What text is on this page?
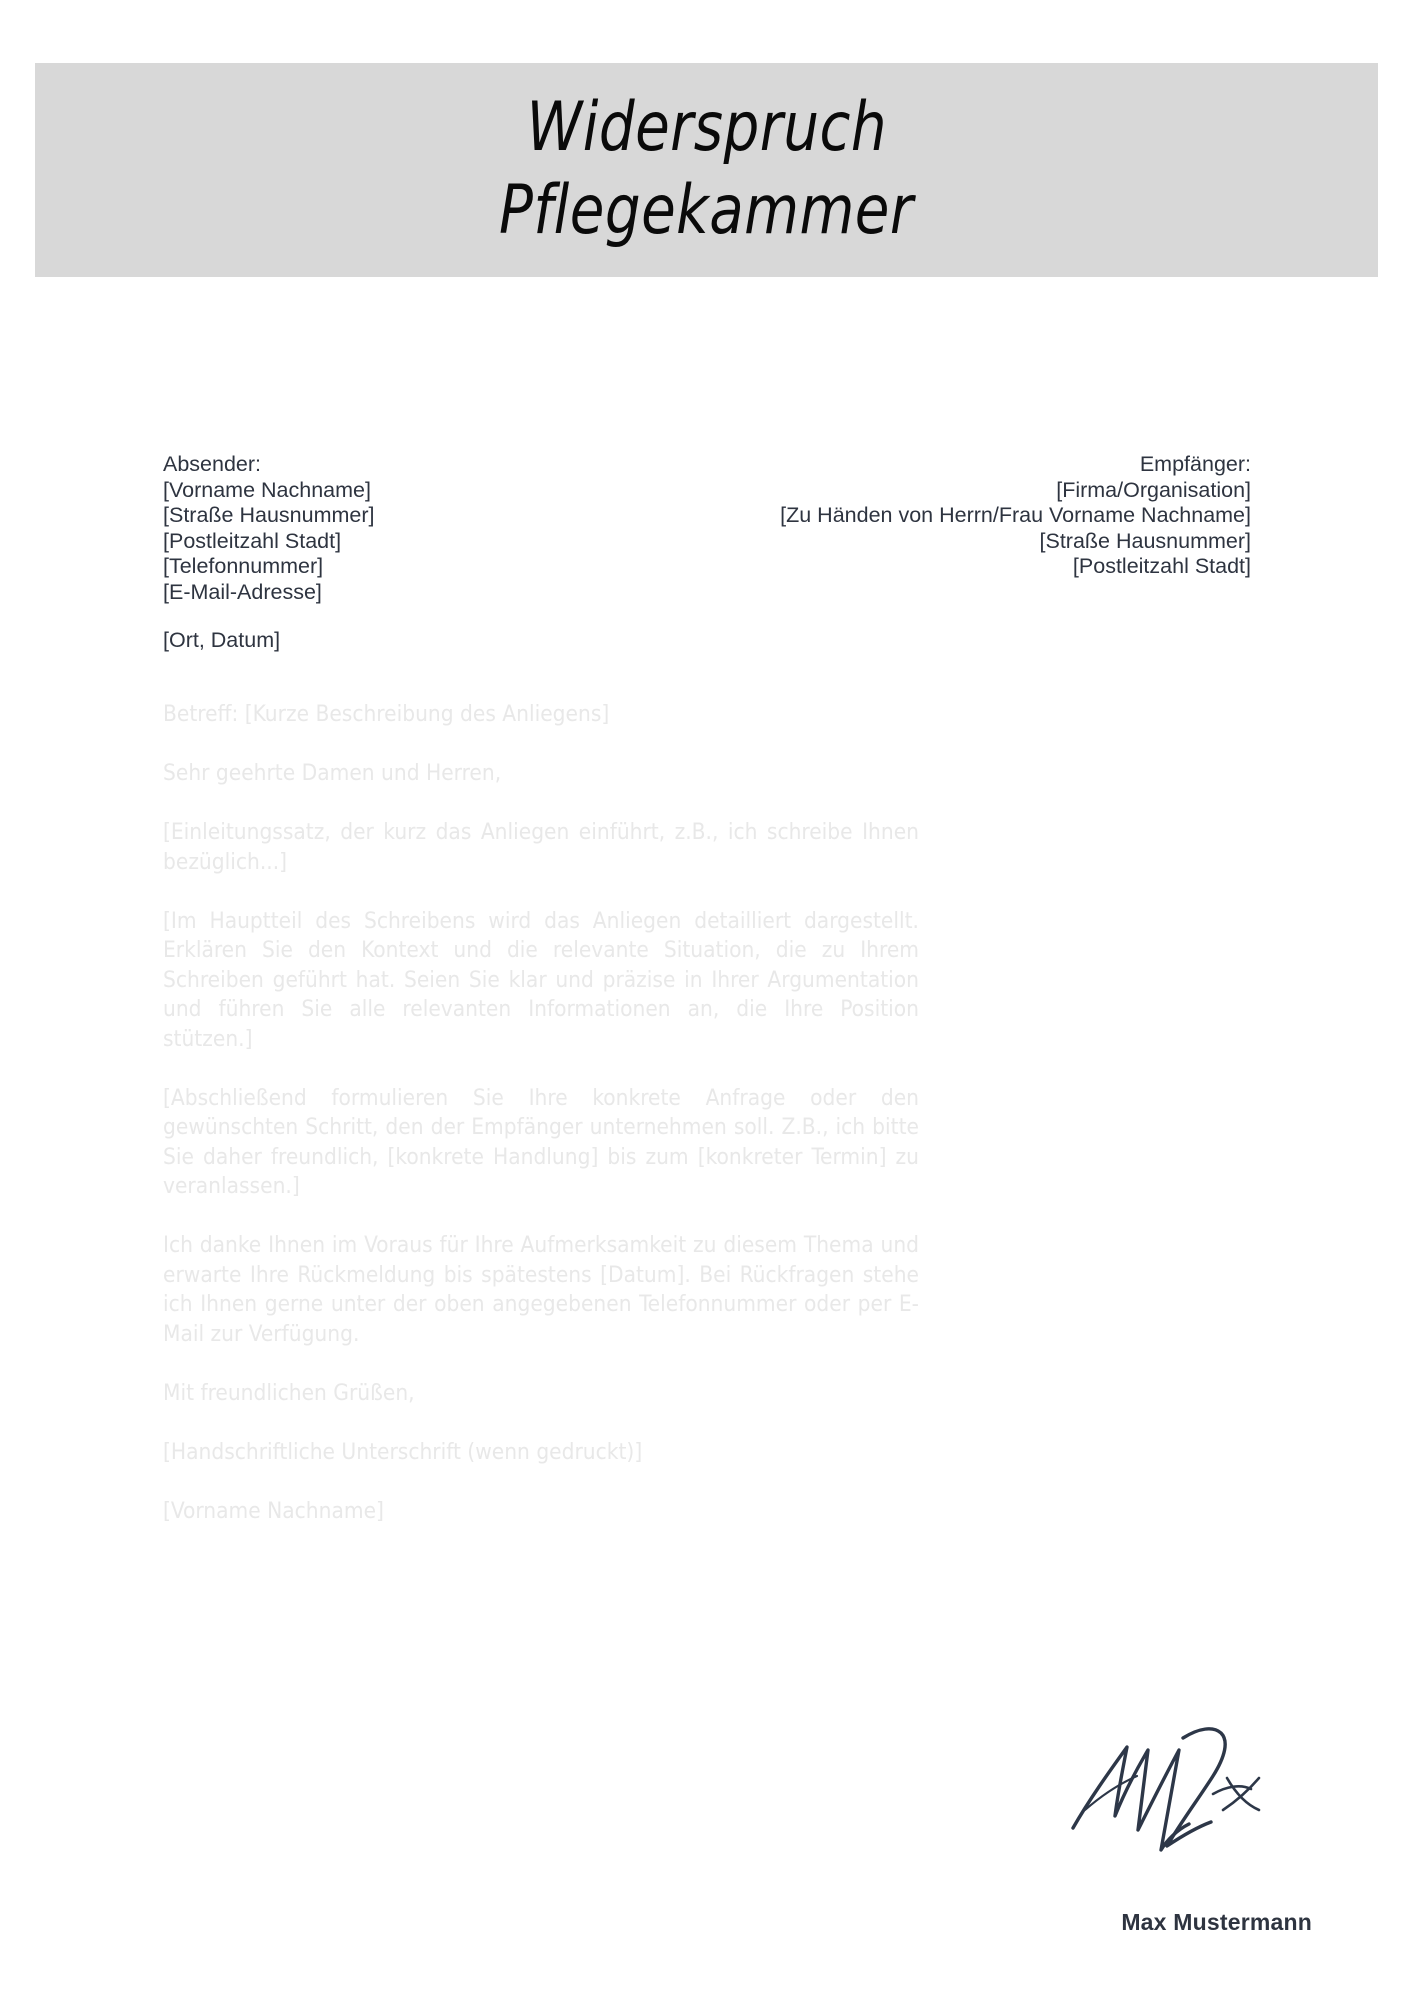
Widerspruch
Pflegekammer
Absender:
[Vorname Nachname]
[Straße Hausnummer]
[Postleitzahl Stadt]
[Telefonnummer]
[E-Mail-Adresse]
Empfänger:
[Firma/Organisation]
[Zu Händen von Herrn/Frau Vorname Nachname]
[Straße Hausnummer]
[Postleitzahl Stadt]
[Ort, Datum]

Betreff: [Kurze Beschreibung des Anliegens]

Sehr geehrte Damen und Herren,

[Einleitungssatz, der kurz das Anliegen einführt, z.B., ich schreibe Ihnen bezüglich...]

[Im Hauptteil des Schreibens wird das Anliegen detailliert dargestellt. Erklären Sie den Kontext und die relevante Situation, die zu Ihrem Schreiben geführt hat. Seien Sie klar und präzise in Ihrer Argumentation und führen Sie alle relevanten Informationen an, die Ihre Position stützen.]

[Abschließend formulieren Sie Ihre konkrete Anfrage oder den gewünschten Schritt, den der Empfänger unternehmen soll. Z.B., ich bitte Sie daher freundlich, [konkrete Handlung] bis zum [konkreter Termin] zu veranlassen.]

Ich danke Ihnen im Voraus für Ihre Aufmerksamkeit zu diesem Thema und erwarte Ihre Rückmeldung bis spätestens [Datum]. Bei Rückfragen stehe ich Ihnen gerne unter der oben angegebenen Telefonnummer oder per E-Mail zur Verfügung.

Mit freundlichen Grüßen,

[Handschriftliche Unterschrift (wenn gedruckt)]

[Vorname Nachname]

Max Mustermann
